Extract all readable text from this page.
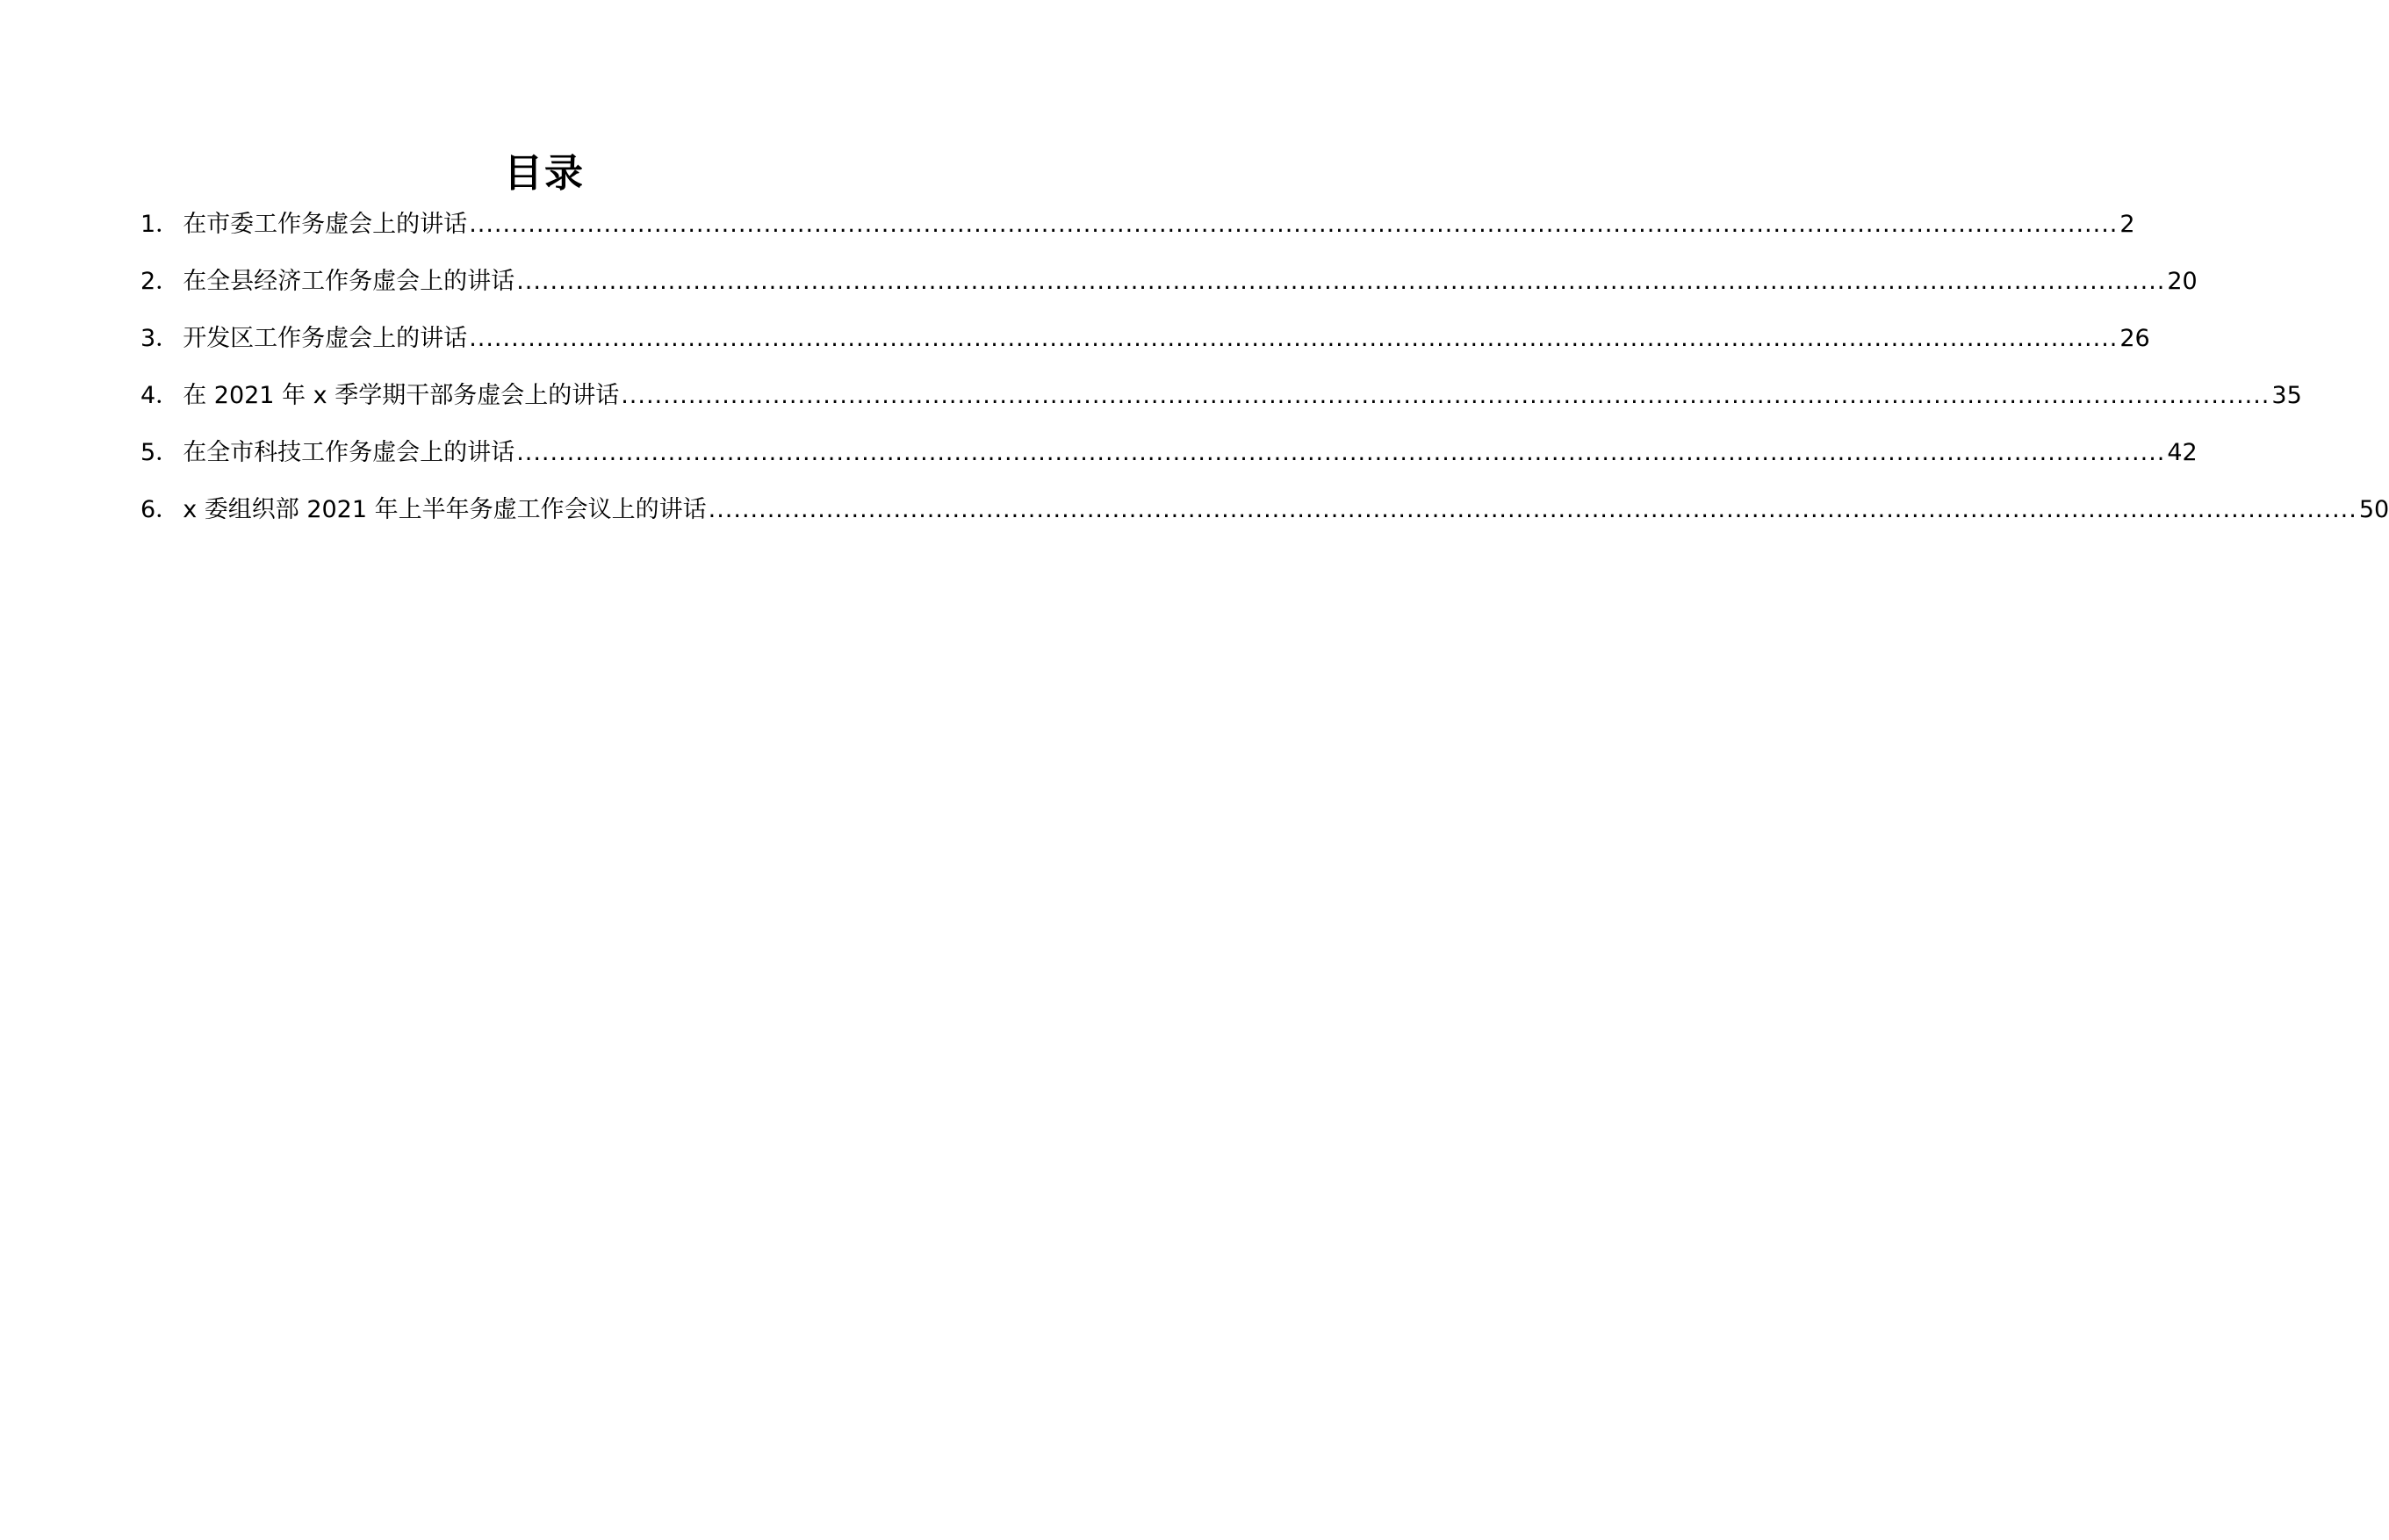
目录
1． 在市委工作务虚会上的讲话 .....	2
2． 在全县经济工作务虚会上的讲话 .....	20
3． 开发区工作务虚会上的讲话 .....	26
4． 在 2021 年 x 季学期干部务虚会上的讲话 .....	35
5． 在全市科技工作务虚会上的讲话 .....	42
6． x 委组织部 2021 年上半年务虚工作会议上的讲话 .....	50
